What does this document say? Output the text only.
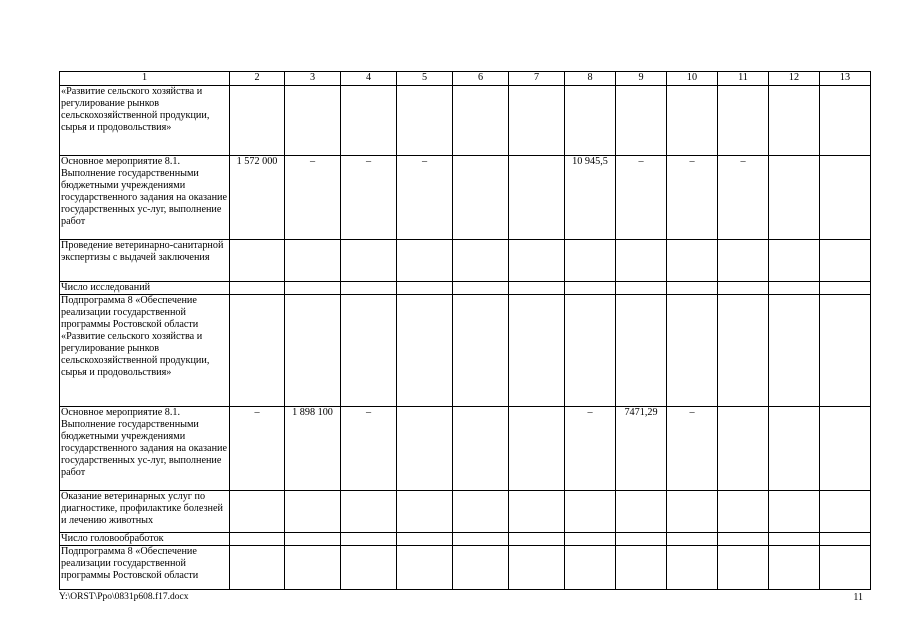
1	2	3	4	5	6	7	8	9	10	11	12	13
«Развитие сельского хозяйства и регулирование рынков сельскохозяйственной продукции, сырья и продовольствия»												
Основное мероприятие 8.1. Выполнение государственными бюджетными учреждениями государственного задания на оказание государственных ус-луг, выполнение работ	1 572 000	–	–	–			10 945,5	–	–	–		
Проведение ветеринарно-санитарной экспертизы с выдачей заключения												
Число исследований												
Подпрограмма 8 «Обеспечение реализации государственной программы Ростовской области «Развитие сельского хозяйства и регулирование рынков сельскохозяйственной продукции, сырья и продовольствия»												
Основное мероприятие 8.1. Выполнение государственными бюджетными учреждениями государственного задания на оказание государственных ус-луг, выполнение работ	–	1 898 100	–				–	7471,29	–			
Оказание ветеринарных услуг по диагностике, профилактике болезней и лечению животных												
Число головообработок												
Подпрограмма 8 «Обеспечение реализации государственной программы Ростовской области												
Y:\ORST\Ppo\0831p608.f17.docx	11
